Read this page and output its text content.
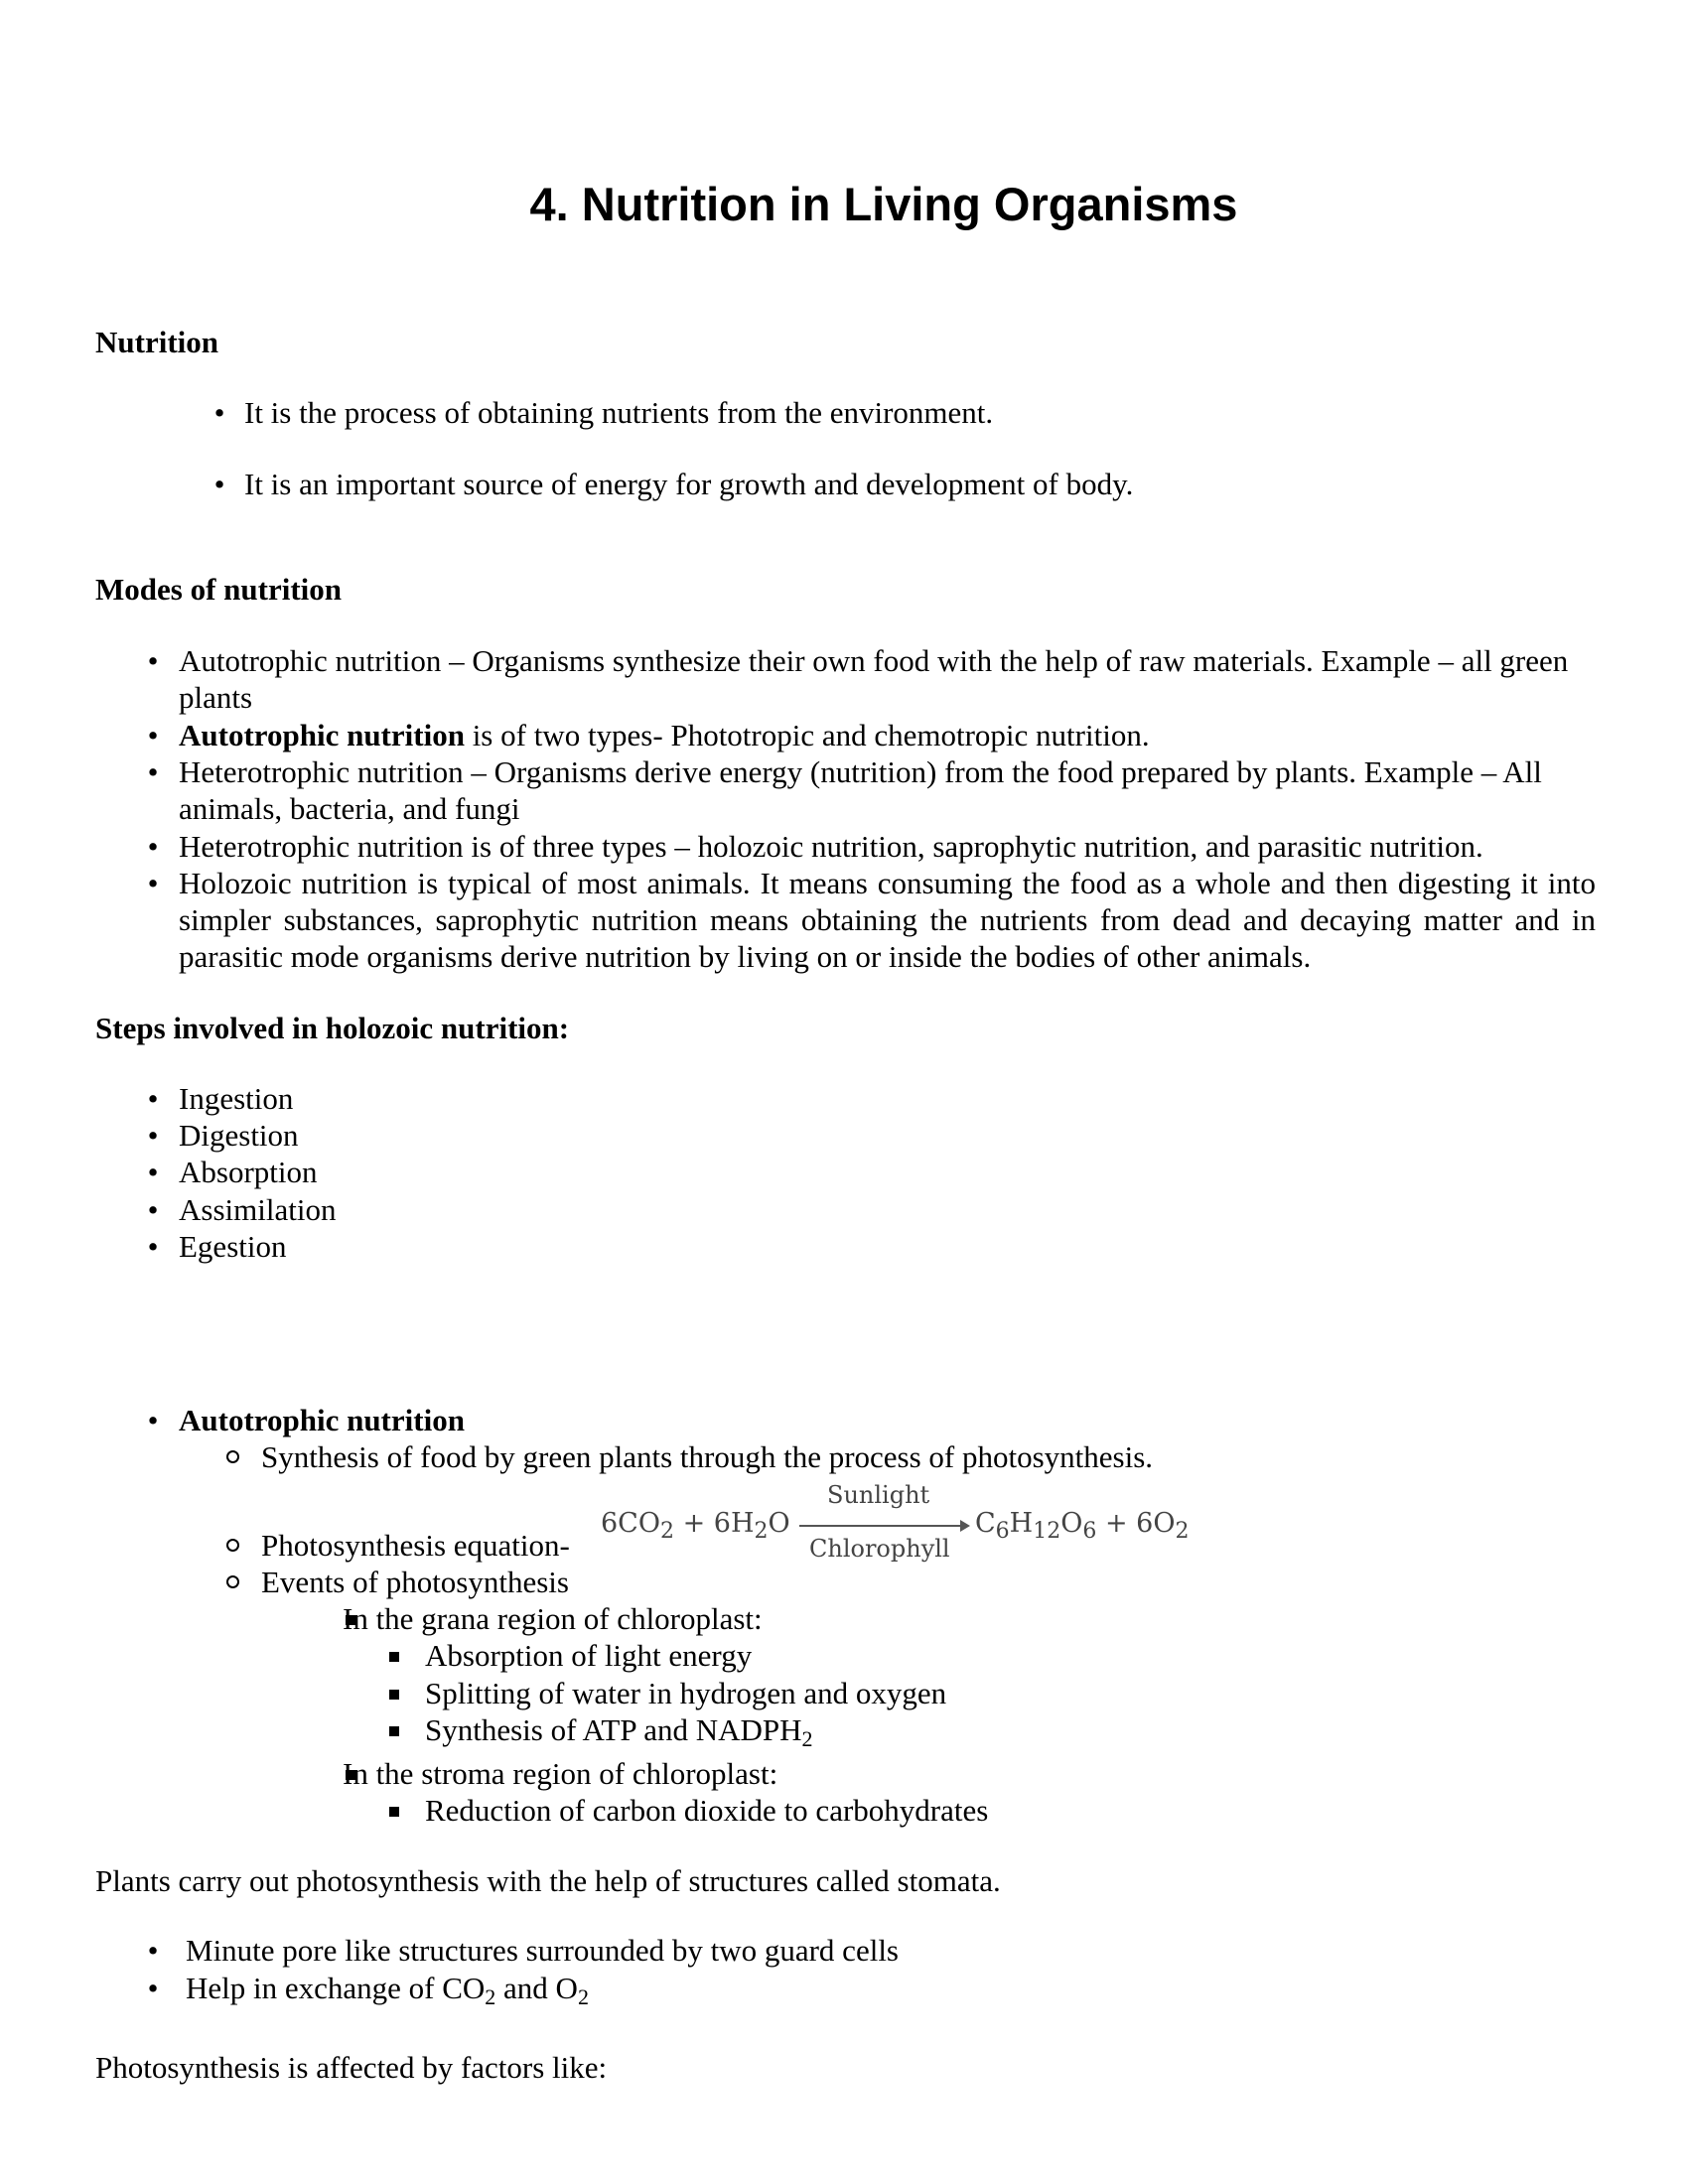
4. Nutrition in Living Organisms

Nutrition

•

It is the process of obtaining nutrients from the environment.

•

It is an important source of energy for growth and development of body.

Modes of nutrition

•

Autotrophic nutrition – Organisms synthesize their own food with the help of raw materials. Example – all green plants

•

Autotrophic nutrition is of two types- Phototropic and chemotropic nutrition.

•

Heterotrophic nutrition – Organisms derive energy (nutrition) from the food prepared by plants. Example – All animals, bacteria, and fungi

•

Heterotrophic nutrition is of three types – holozoic nutrition, saprophytic nutrition, and parasitic nutrition.

•

Holozoic nutrition is typical of most animals. It means consuming the food as a whole and then digesting it into simpler substances, saprophytic nutrition means obtaining the nutrients from dead and decaying matter and in parasitic mode organisms derive nutrition by living on or inside the bodies of other animals.

Steps involved in holozoic nutrition:

•

Ingestion

•

Digestion

•

Absorption

•

Assimilation

•

Egestion

•

Autotrophic nutrition

Synthesis of food by green plants through the process of photosynthesis.

Photosynthesis equation-

$6CO_2 + 6H_2O$
Sunlight
Chlorophyll
$C_6H_{12}O_6 + 6O_2$

Events of photosynthesis

In the grana region of chloroplast:

Absorption of light energy

Splitting of water in hydrogen and oxygen

Synthesis of ATP and $NADPH_2$

In the stroma region of chloroplast:

Reduction of carbon dioxide to carbohydrates

Plants carry out photosynthesis with the help of structures called stomata.

•

Minute pore like structures surrounded by two guard cells

•

Help in exchange of $CO_2$ and $O_2$

Photosynthesis is affected by factors like:
